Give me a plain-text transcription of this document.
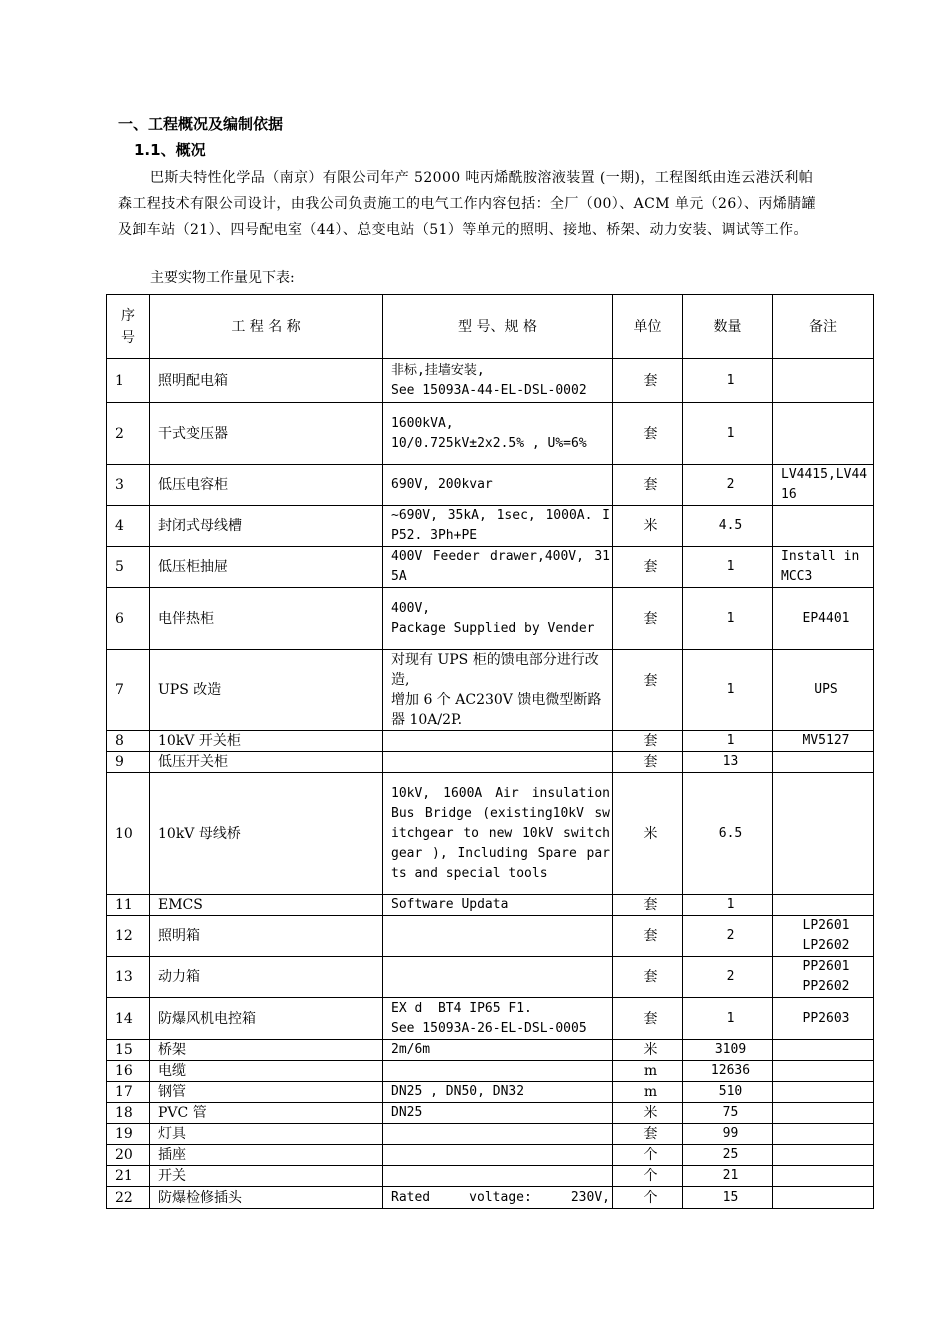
一、工程概况及编制依据
1.1、概况

巴斯夫特性化学品（南京）有限公司年产 52000 吨丙烯酰胺溶液装置 (一期)，工程图纸由连云港沃利帕森工程技术有限公司设计，由我公司负责施工的电气工作内容包括：全厂（00）、ACM 单元（26）、丙烯腈罐及卸车站（21）、四号配电室（44）、总变电站（51）等单元的照明、接地、桥架、动力安装、调试等工作。

主要实物工作量见下表:
序号	工 程 名 称	型 号、规 格	单位	数量	备注
1	照明配电箱	非标,挂墙安装,
See 15093A-44-EL-DSL-0002	套	1	
2	干式变压器	1600kVA,
10/0.725kV±2x2.5% , U%=6%	套	1	
3	低压电容柜	690V, 200kvar	套	2	LV4415,LV4416
4	封闭式母线槽	~690V, 35kA, 1sec, 1000A. IP52. 3Ph+PE	米	4.5	
5	低压柜抽屉	400V Feeder drawer,400V, 315A	套	1	Install in MCC3
6	电伴热柜	400V,
Package Supplied by Vender	套	1	EP4401
7	UPS 改造	对现有 UPS 柜的馈电部分进行改造,
增加 6 个 AC230V 馈电微型断路器 10A/2P.	套	1	UPS
8	10kV 开关柜		套	1	MV5127
9	低压开关柜		套	13	
10	10kV 母线桥	10kV, 1600A Air insulation Bus Bridge (existing10kV switchgear to new 10kV switchgear ), Including Spare parts and special tools	米	6.5	
11	EMCS	Software Updata	套	1	
12	照明箱		套	2	LP2601
LP2602
13	动力箱		套	2	PP2601
PP2602
14	防爆风机电控箱	EX d  BT4 IP65 F1.
See 15093A-26-EL-DSL-0005	套	1	PP2603
15	桥架	2m/6m	米	3109	
16	电缆		m	12636	
17	钢管	DN25 , DN50, DN32	m	510	
18	PVC 管	DN25	米	75	
19	灯具		套	99	
20	插座		个	25	
21	开关		个	21	
22	防爆检修插头	Rated voltage: 230V,	个	15	
